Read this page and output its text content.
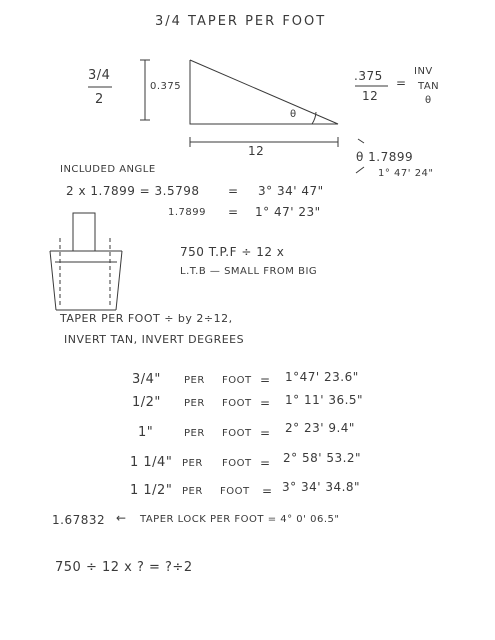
3/4 TAPER PER FOOT
3/4
2
0.375
θ
12
.375
12
=
INV
TAN
θ
θ 1.7899
1° 47' 24"
INCLUDED ANGLE
2 x 1.7899 = 3.5798 = 3° 34' 47"
1.7899 = 1° 47' 23"
750 T.P.F ÷ 12 x
L.T.B — SMALL FROM BIG
TAPER PER FOOT ÷ by 2÷12,
INVERT TAN, INVERT DEGREES
3/4" PER FOOT = 1°47' 23.6"
1/2" PER FOOT = 1° 11' 36.5"
1"	PER FOOT = 2° 23' 9.4"
1 1/4" PER FOOT = 2° 58' 53.2"
1 1/2" PER FOOT = 3° 34' 34.8"
1.67832 ← TAPER LOCK PER FOOT = 4° 0' 06.5"
750 ÷ 12 x ? = ?÷2
